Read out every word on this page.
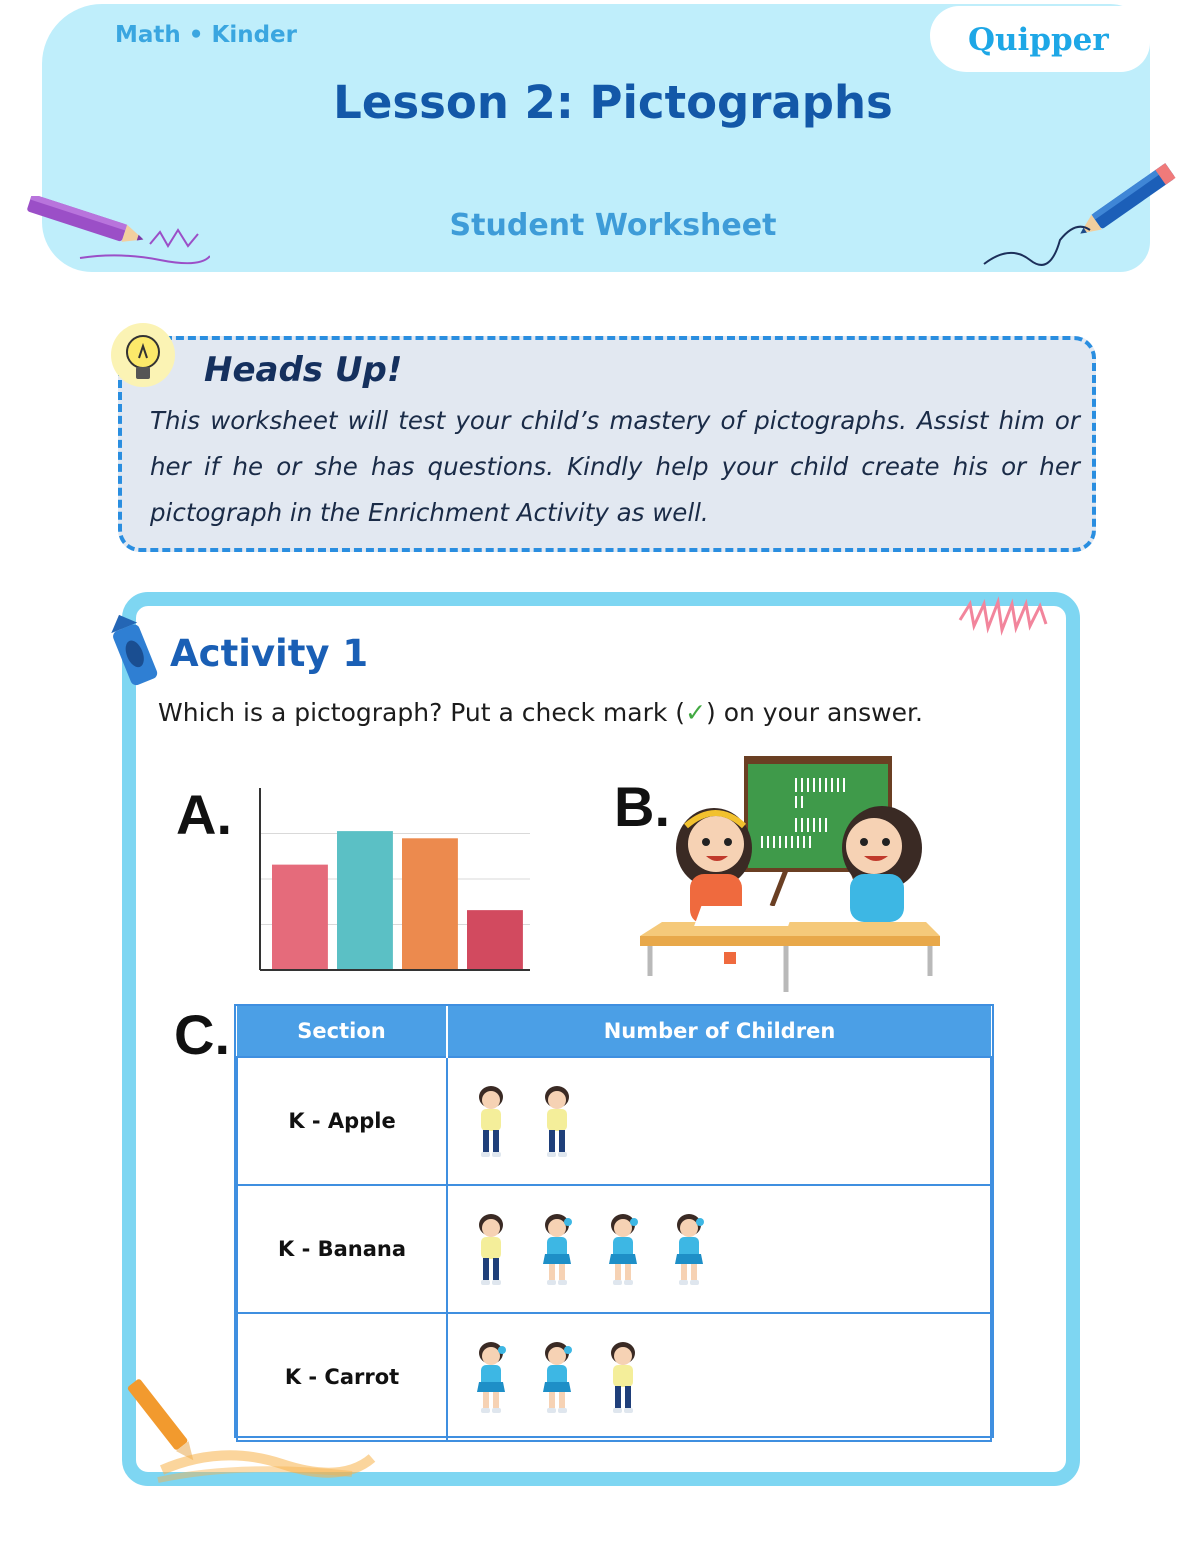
Math • Kinder	Quipper
Lesson 2: Pictographs
Student Worksheet
Heads Up!
This worksheet will test your child’s mastery of pictographs. Assist him or her if he or she has questions. Kindly help your child create his or her pictograph in the Enrichment Activity as well.
Activity 1
Which is a pictograph? Put a check mark (✓) on your answer.
A.	B.
C.	Section	Number of Children
K - Apple	

K - Banana	

K - Carrot	
